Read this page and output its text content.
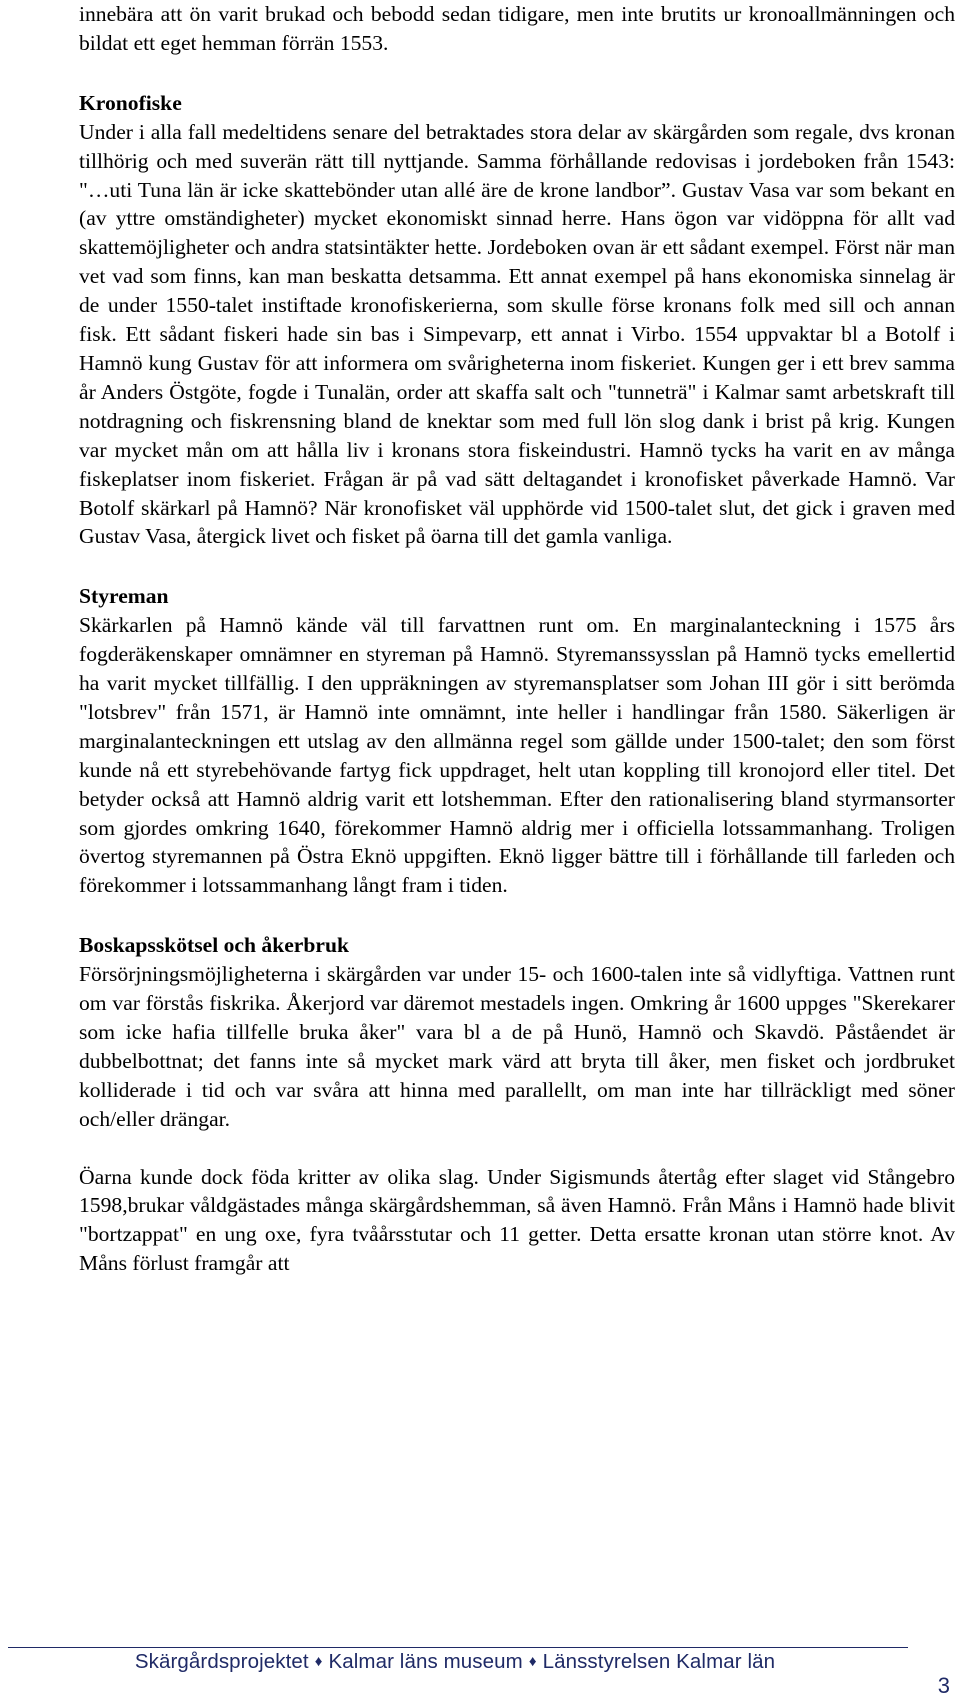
innebära att ön varit brukad och bebodd sedan tidigare, men inte brutits ur kronoallmänningen och bildat ett eget hemman förrän 1553.

Kronofiske

Under i alla fall medeltidens senare del betraktades stora delar av skärgården som regale, dvs kronan tillhörig och med suverän rätt till nyttjande. Samma förhållande redovisas i jordeboken från 1543: "…uti Tuna län är icke skattebönder utan allé äre de krone landbor”. Gustav Vasa var som bekant en (av yttre omständigheter) mycket ekonomiskt sinnad herre. Hans ögon var vidöppna för allt vad skattemöjligheter och andra statsintäkter hette. Jordeboken ovan är ett sådant exempel. Först när man vet vad som finns, kan man beskatta detsamma. Ett annat exempel på hans ekonomiska sinnelag är de under 1550-talet instiftade kronofiskerierna, som skulle förse kronans folk med sill och annan fisk. Ett sådant fiskeri hade sin bas i Simpevarp, ett annat i Virbo. 1554 uppvaktar bl a Botolf i Hamnö kung Gustav för att informera om svårigheterna inom fiskeriet. Kungen ger i ett brev samma år Anders Östgöte, fogde i Tunalän, order att skaffa salt och "tunneträ" i Kalmar samt arbetskraft till notdragning och fiskrensning bland de knektar som med full lön slog dank i brist på krig. Kungen var mycket mån om att hålla liv i kronans stora fiskeindustri. Hamnö tycks ha varit en av många fiskeplatser inom fiskeriet. Frågan är på vad sätt deltagandet i kronofisket påverkade Hamnö. Var Botolf skärkarl på Hamnö? När kronofisket väl upphörde vid 1500-talet slut, det gick i graven med Gustav Vasa, återgick livet och fisket på öarna till det gamla vanliga.

Styreman

Skärkarlen på Hamnö kände väl till farvattnen runt om. En marginalanteckning i 1575 års fogderäkenskaper omnämner en styreman på Hamnö. Styremanssysslan på Hamnö tycks emellertid ha varit mycket tillfällig. I den uppräkningen av styremansplatser som Johan III gör i sitt berömda "lotsbrev" från 1571, är Hamnö inte omnämnt, inte heller i handlingar från 1580. Säkerligen är marginalanteckningen ett utslag av den allmänna regel som gällde under 1500-talet; den som först kunde nå ett styrebehövande fartyg fick uppdraget, helt utan koppling till kronojord eller titel. Det betyder också att Hamnö aldrig varit ett lotshemman. Efter den rationalisering bland styrmansorter som gjordes omkring 1640, förekommer Hamnö aldrig mer i officiella lotssammanhang. Troligen övertog styremannen på Östra Eknö uppgiften. Eknö ligger bättre till i förhållande till farleden och förekommer i lotssammanhang långt fram i tiden.

Boskapsskötsel och åkerbruk

Försörjningsmöjligheterna i skärgården var under 15- och 1600-talen inte så vidlyftiga. Vattnen runt om var förstås fiskrika. Åkerjord var däremot mestadels ingen. Omkring år 1600 uppges "Skerekarer som icke hafia tillfelle bruka åker" vara bl a de på Hunö, Hamnö och Skavdö. Påståendet är dubbelbottnat; det fanns inte så mycket mark värd att bryta till åker, men fisket och jordbruket kolliderade i tid och var svåra att hinna med parallellt, om man inte har tillräckligt med söner och/eller drängar.

Öarna kunde dock föda kritter av olika slag. Under Sigismunds återtåg efter slaget vid Stångebro 1598,brukar våldgästades många skärgårdshemman, så även Hamnö. Från Måns i Hamnö hade blivit "bortzappat" en ung oxe, fyra tvåårsstutar och 11 getter. Detta ersatte kronan utan större knot. Av Måns förlust framgår att

Skärgårdsprojektet ♦ Kalmar läns museum ♦ Länsstyrelsen Kalmar län
3
